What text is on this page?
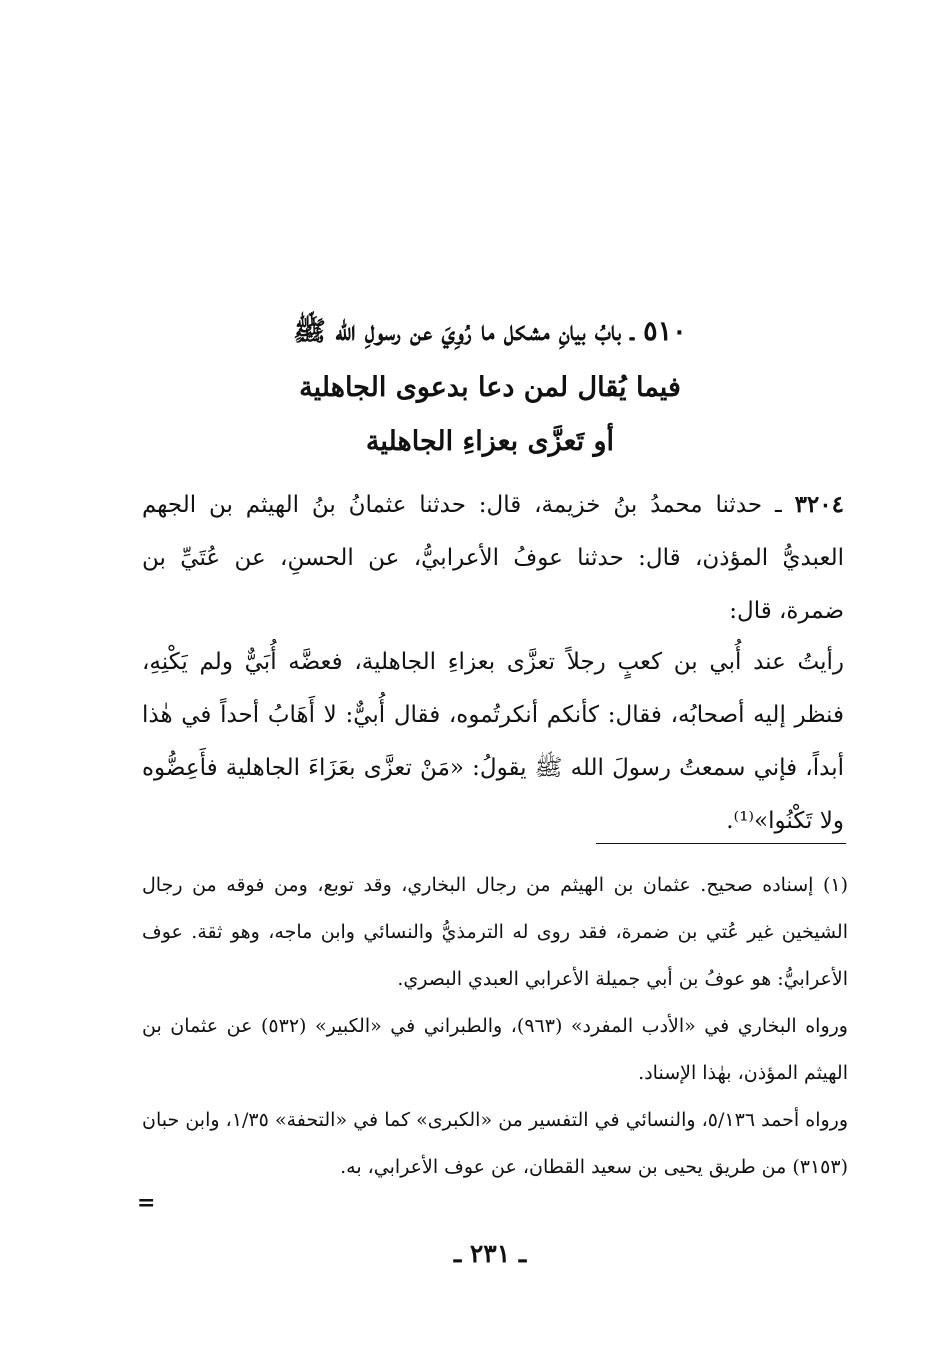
٥١٠ ـ بابُ بيانِ مشكل ما رُوِيَ عن رسولِ الله ﷺ
فيما يُقال لمن دعا بدعوى الجاهلية
أو تَعزَّى بعزاءِ الجاهلية

٣٢٠٤ ـ حدثنا محمدُ بنُ خزيمة، قال: حدثنا عثمانُ بنُ الهيثم بن الجهم العبديُّ المؤذن، قال: حدثنا عوفُ الأعرابيُّ، عن الحسنِ، عن عُتَيِّ بن ضمرة، قال:

رأيتُ عند أُبي بن كعبٍ رجلاً تعزَّى بعزاءِ الجاهلية، فعضَّه أُبَيٌّ ولم يَكْنِهِ، فنظر إليه أصحابُه، فقال: كأنكم أنكرتُموه، فقال أُبيٌّ: لا أَهَابُ أحداً في هٰذا أبداً، فإني سمعتُ رسولَ الله ﷺ يقولُ: «مَنْ تعزَّى بعَزَاءَ الجاهلية فأَعِضُّوه ولا تَكْنُوا»⁽¹⁾.

(١) إسناده صحيح. عثمان بن الهيثم من رجال البخاري، وقد توبع، ومن فوقه من رجال الشيخين غير عُتي بن ضمرة، فقد روى له الترمذيُّ والنسائي وابن ماجه، وهو ثقة. عوف الأعرابيُّ: هو عوفُ بن أبي جميلة الأعرابي العبدي البصري.

ورواه البخاري في «الأدب المفرد» (٩٦٣)، والطبراني في «الكبير» (٥٣٢) عن عثمان بن الهيثم المؤذن، بهٰذا الإسناد.

ورواه أحمد ٥/١٣٦، والنسائي في التفسير من «الكبرى» كما في «التحفة» ١/٣٥، وابن حبان (٣١٥٣) من طريق يحيى بن سعيد القطان، عن عوف الأعرابي، به.

=
ـ ٢٣١ ـ
